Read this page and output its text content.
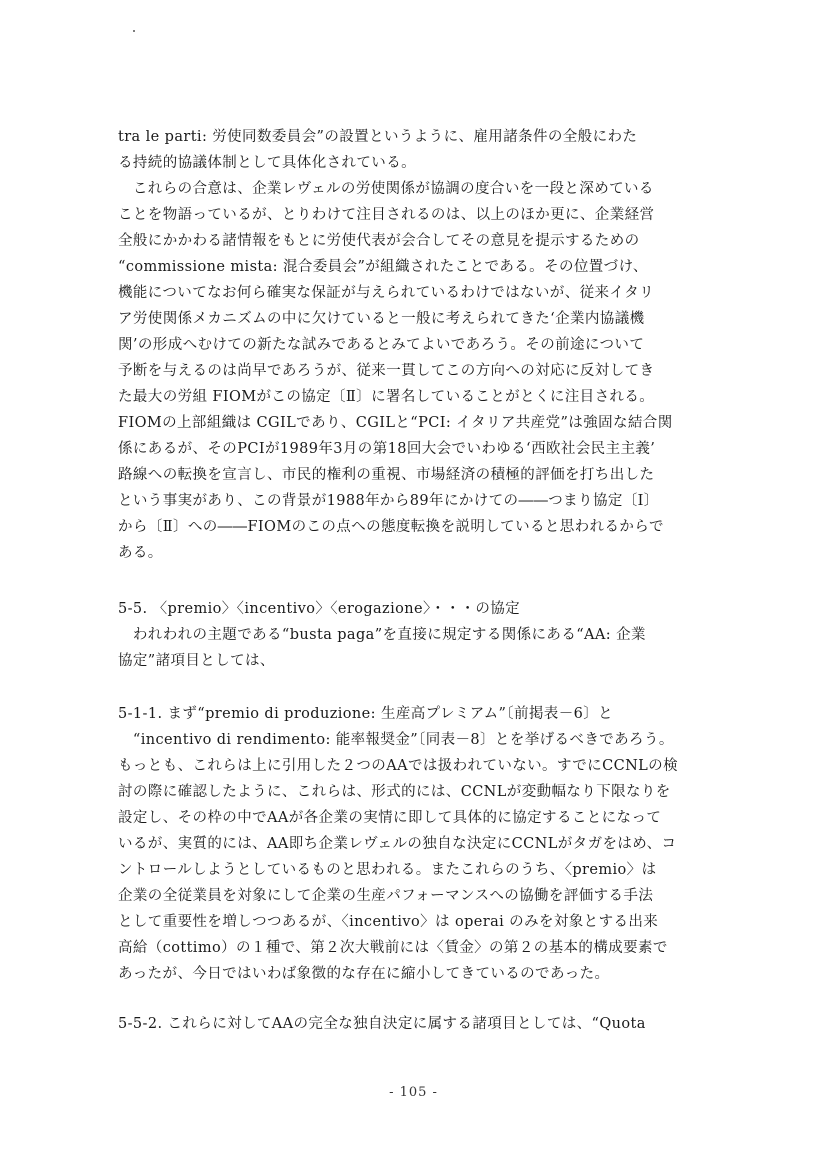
tra le parti: 労使同数委員会”の設置というように、雇用諸条件の全般にわた
る持続的協議体制として具体化されている。
　これらの合意は、企業レヴェルの労使関係が協調の度合いを一段と深めている
ことを物語っているが、とりわけて注目されるのは、以上のほか更に、企業経営
全般にかかわる諸情報をもとに労使代表が会合してその意見を提示するための
“commissione mista: 混合委員会”が組織されたことである。その位置づけ、
機能についてなお何ら確実な保証が与えられているわけではないが、従来イタリ
ア労使関係メカニズムの中に欠けていると一般に考えられてきた‘企業内協議機
関’の形成へむけての新たな試みであるとみてよいであろう。その前途について
予断を与えるのは尚早であろうが、従来一貫してこの方向への対応に反対してき
た最大の労組 FIOMがこの協定〔Ⅱ〕に署名していることがとくに注目される。
FIOMの上部組織は CGILであり、CGILと“PCI: イタリア共産党”は強固な結合関
係にあるが、そのPCIが1989年3月の第18回大会でいわゆる‘西欧社会民主主義’
路線への転換を宣言し、市民的権利の重視、市場経済の積極的評価を打ち出した
という事実があり、この背景が1988年から89年にかけての――つまり協定〔Ⅰ〕
から〔Ⅱ〕への――FIOMのこの点への態度転換を説明していると思われるからで
ある。
5-5. 〈premio〉〈incentivo〉〈erogazione〉・・・の協定
　われわれの主題である“busta paga”を直接に規定する関係にある“AA: 企業
協定”諸項目としては、
5-1-1. まず“premio di produzione: 生産高プレミアム”〔前掲表－6〕と
　“incentivo di rendimento: 能率報奨金”〔同表－8〕とを挙げるべきであろう。
もっとも、これらは上に引用した２つのAAでは扱われていない。すでにCCNLの検
討の際に確認したように、これらは、形式的には、CCNLが変動幅なり下限なりを
設定し、その枠の中でAAが各企業の実情に即して具体的に協定することになって
いるが、実質的には、AA即ち企業レヴェルの独自な決定にCCNLがタガをはめ、コ
ントロールしようとしているものと思われる。またこれらのうち、〈premio〉は
企業の全従業員を対象にして企業の生産パフォーマンスへの協働を評価する手法
として重要性を増しつつあるが、〈incentivo〉は operai のみを対象とする出来
高給（cottimo）の１種で、第２次大戦前には〈賃金〉の第２の基本的構成要素で
あったが、今日ではいわば象徴的な存在に縮小してきているのであった。
5-5-2. これらに対してAAの完全な独自決定に属する諸項目としては、“Quota
- 105 -
